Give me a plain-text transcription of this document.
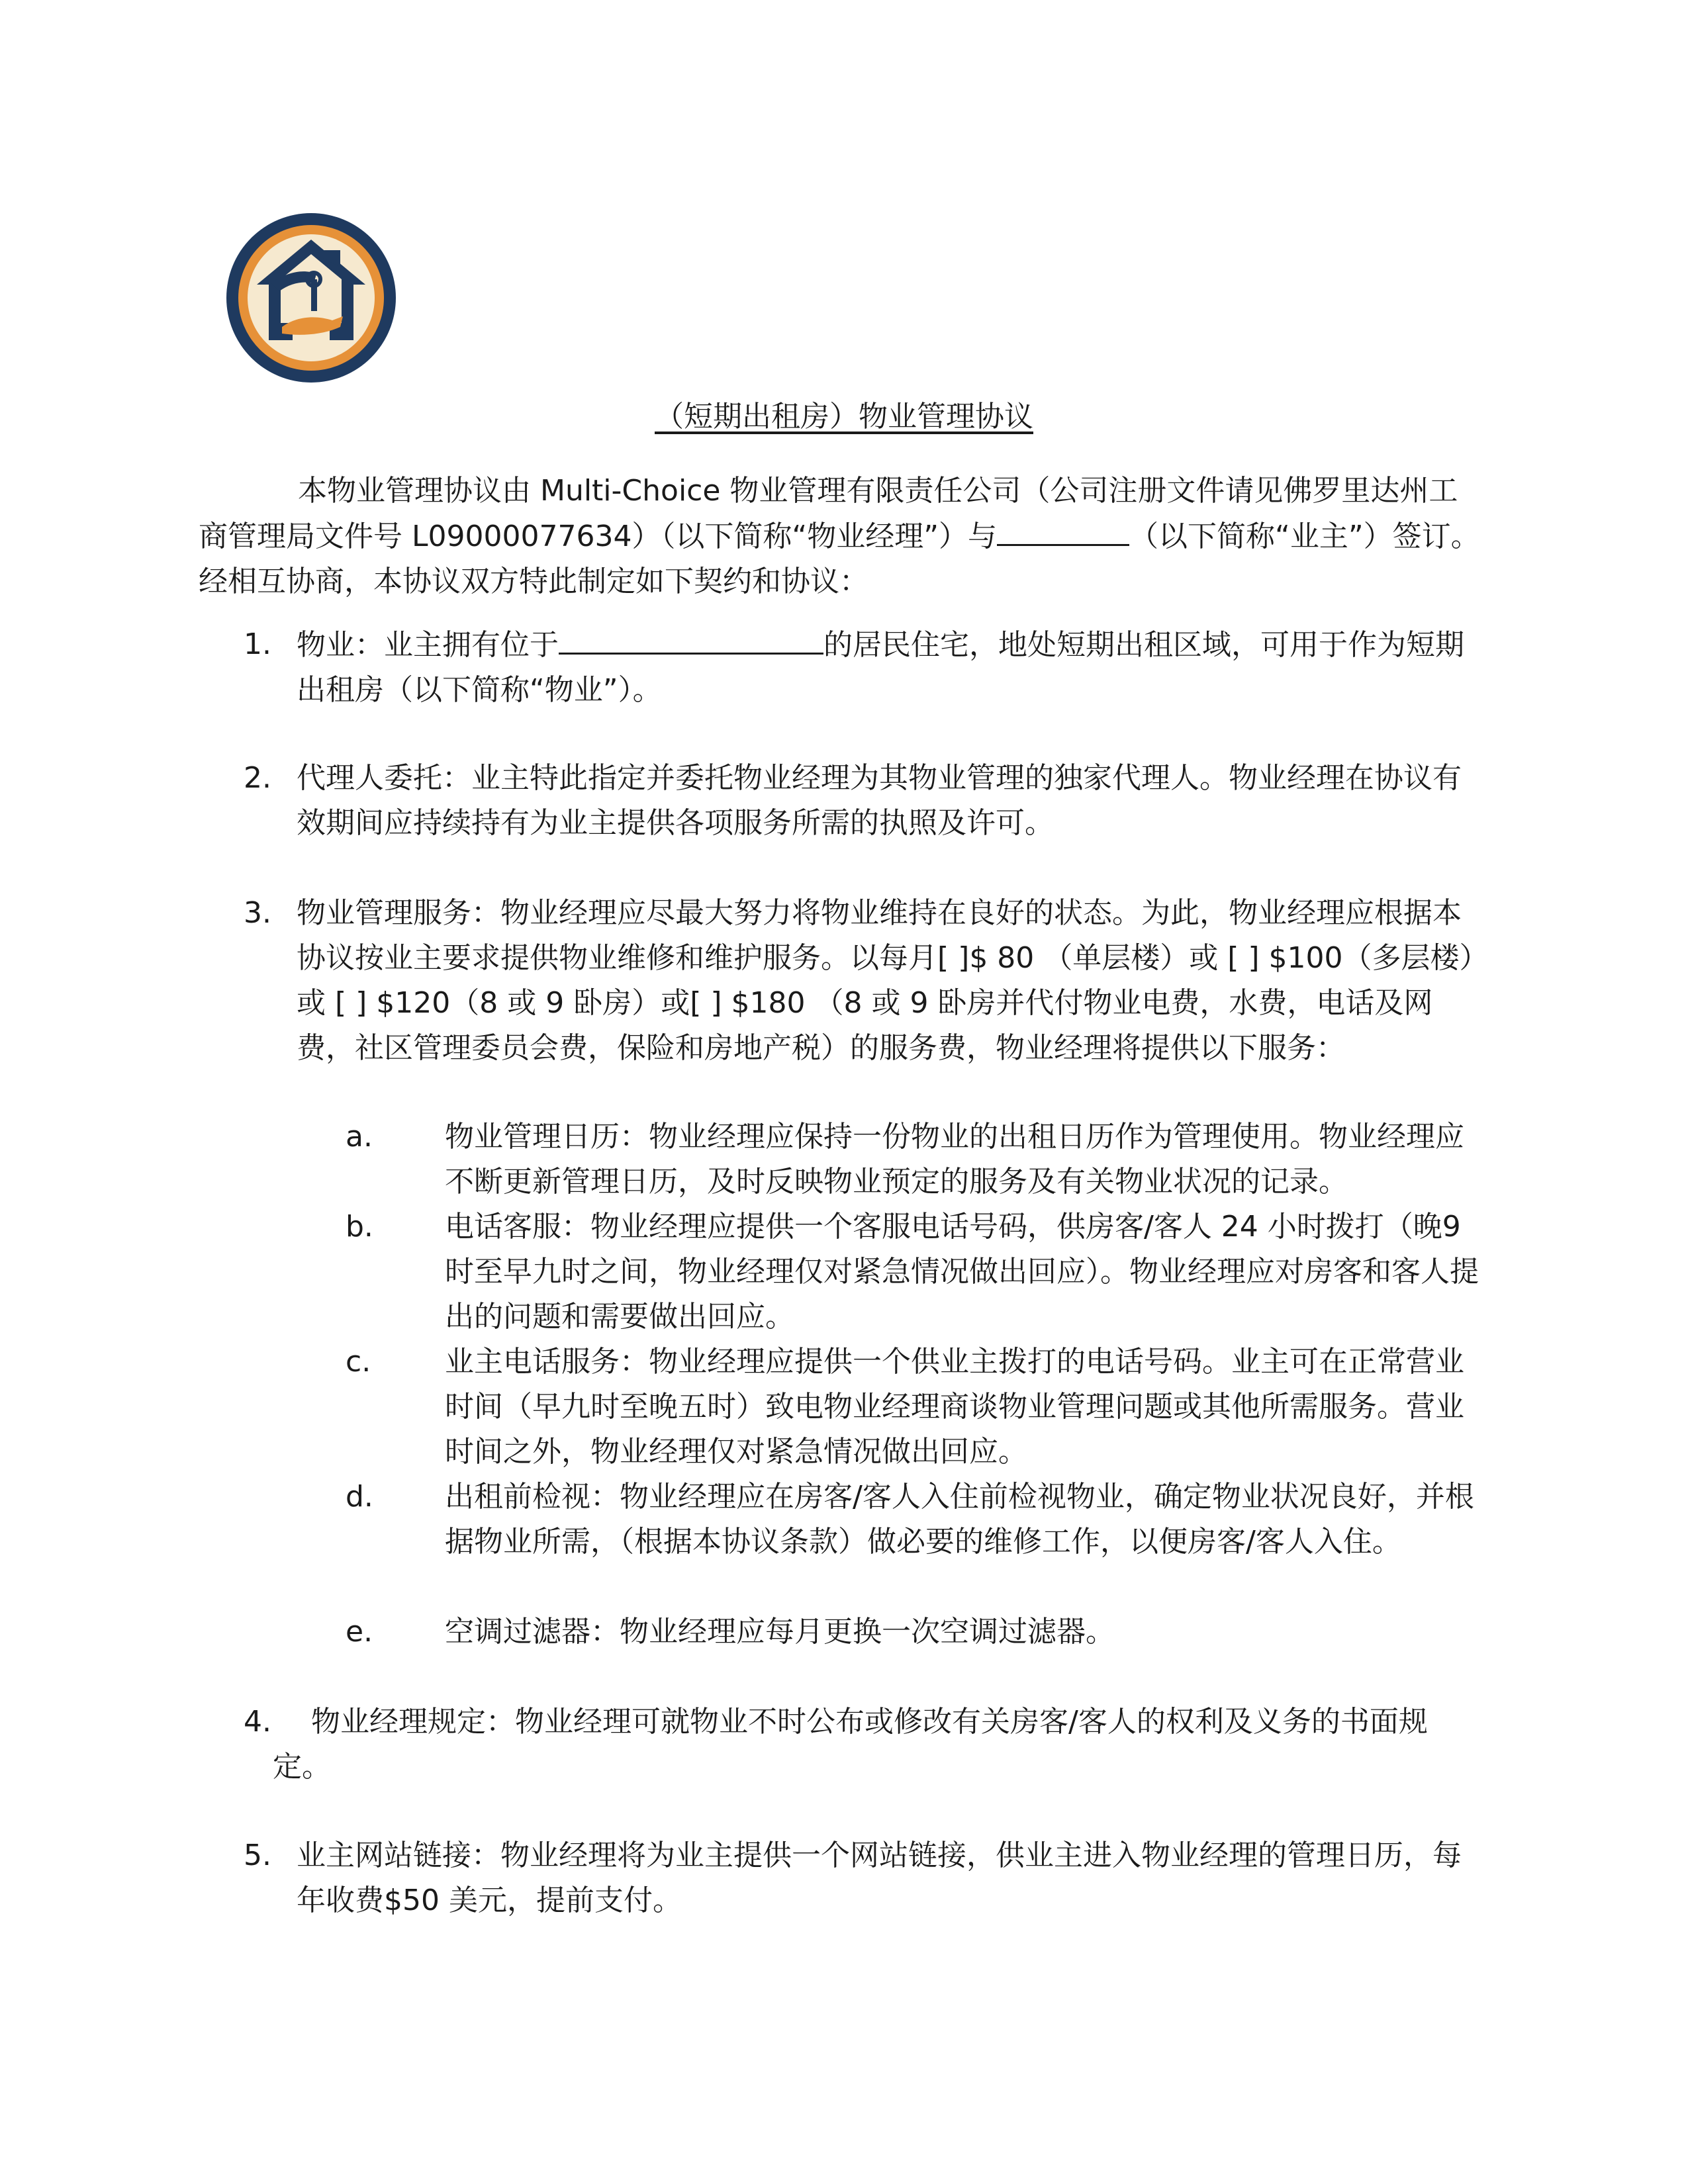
（短期出租房）物业管理协议

本物业管理协议由 Multi-Choice 物业管理有限责任公司（公司注册文件请见佛罗里达州工商管理局文件号 L09000077634）（以下简称“物业经理”）与	（以下简称“业主”）签订。经相互协商，本协议双方特此制定如下契约和协议：

1. 物业：业主拥有位于	的居民住宅，地处短期出租区域，可用于作为短期出租房（以下简称“物业”）。

2. 代理人委托：业主特此指定并委托物业经理为其物业管理的独家代理人。物业经理在协议有效期间应持续持有为业主提供各项服务所需的执照及许可。

3. 物业管理服务：物业经理应尽最大努力将物业维持在良好的状态。为此，物业经理应根据本协议按业主要求提供物业维修和维护服务。以每月[ ]$ 80 （单层楼）或 [ ] $100（多层楼）或 [ ] $120（8 或 9 卧房）或[ ] $180 （8 或 9 卧房并代付物业电费，水费，电话及网费，社区管理委员会费，保险和房地产税）的服务费，物业经理将提供以下服务：

a. 物业管理日历：物业经理应保持一份物业的出租日历作为管理使用。物业经理应不断更新管理日历，及时反映物业预定的服务及有关物业状况的记录。

b. 电话客服：物业经理应提供一个客服电话号码，供房客/客人 24 小时拨打（晚9 时至早九时之间，物业经理仅对紧急情况做出回应）。物业经理应对房客和客人提出的问题和需要做出回应。

c.	业主电话服务：物业经理应提供一个供业主拨打的电话号码。业主可在正常营业时间（早九时至晚五时）致电物业经理商谈物业管理问题或其他所需服务。营业时间之外，物业经理仅对紧急情况做出回应。

d. 出租前检视：物业经理应在房客/客人入住前检视物业，确定物业状况良好，并根据物业所需，（根据本协议条款）做必要的维修工作，以便房客/客人入住。

e. 空调过滤器：物业经理应每月更换一次空调过滤器。

4.	物业经理规定：物业经理可就物业不时公布或修改有关房客/客人的权利及义务的书面规定。

5. 业主网站链接：物业经理将为业主提供一个网站链接，供业主进入物业经理的管理日历，每年收费$50 美元，提前支付。
